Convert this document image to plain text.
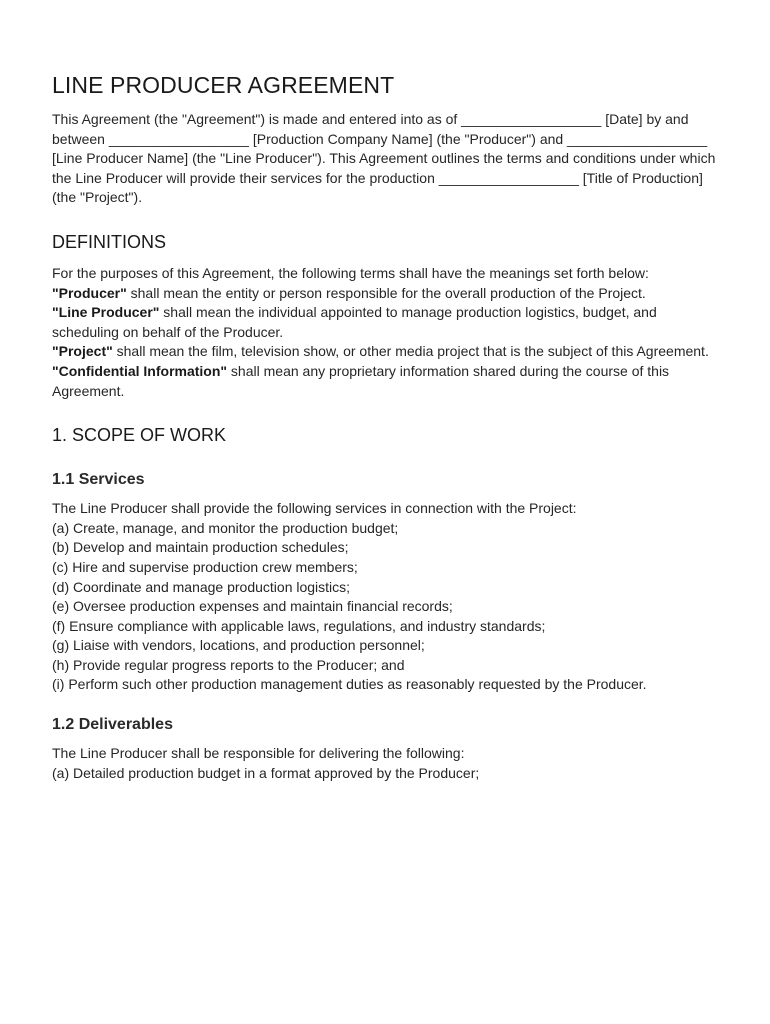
LINE PRODUCER AGREEMENT

This Agreement (the "Agreement") is made and entered into as of __________________ [Date] by and between __________________ [Production Company Name] (the "Producer") and __________________ [Line Producer Name] (the "Line Producer"). This Agreement outlines the terms and conditions under which the Line Producer will provide their services for the production __________________ [Title of Production] (the "Project").

DEFINITIONS

For the purposes of this Agreement, the following terms shall have the meanings set forth below:

"Producer" shall mean the entity or person responsible for the overall production of the Project.

"Line Producer" shall mean the individual appointed to manage production logistics, budget, and scheduling on behalf of the Producer.

"Project" shall mean the film, television show, or other media project that is the subject of this Agreement.

"Confidential Information" shall mean any proprietary information shared during the course of this Agreement.

1. SCOPE OF WORK
1.1 Services

The Line Producer shall provide the following services in connection with the Project:

(a) Create, manage, and monitor the production budget;

(b) Develop and maintain production schedules;

(c) Hire and supervise production crew members;

(d) Coordinate and manage production logistics;

(e) Oversee production expenses and maintain financial records;

(f) Ensure compliance with applicable laws, regulations, and industry standards;

(g) Liaise with vendors, locations, and production personnel;

(h) Provide regular progress reports to the Producer; and

(i) Perform such other production management duties as reasonably requested by the Producer.

1.2 Deliverables

The Line Producer shall be responsible for delivering the following:

(a) Detailed production budget in a format approved by the Producer;
